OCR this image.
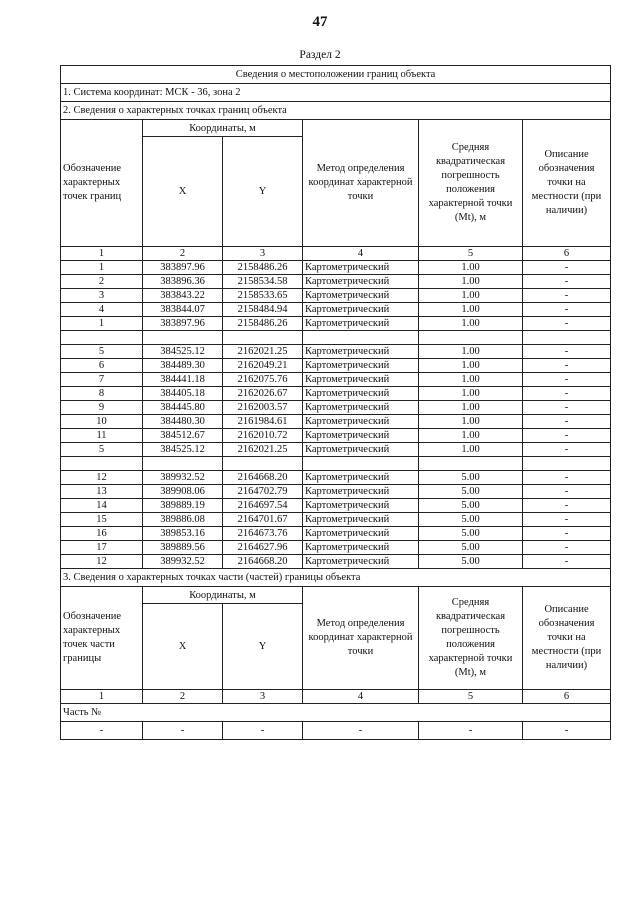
47
Раздел 2
Сведения о местоположении границ объекта					
1. Система координат: МСК - 36, зона 2					
2. Сведения о характерных точках границ объекта					
Обозначение характерных точек границ	Координаты, м		Метод определения координат характерной точки	Средняя квадратическая погрешность положения характерной точки (Mt), м	Описание обозначения точки на местности (при наличии)
	X	Y			
1	2	3	4	5	6
1	383897.96	2158486.26	Картометрический	1.00	-
2	383896.36	2158534.58	Картометрический	1.00	-
3	383843.22	2158533.65	Картометрический	1.00	-
4	383844.07	2158484.94	Картометрический	1.00	-
1	383897.96	2158486.26	Картометрический	1.00	-

5	384525.12	2162021.25	Картометрический	1.00	-
6	384489.30	2162049.21	Картометрический	1.00	-
7	384441.18	2162075.76	Картометрический	1.00	-
8	384405.18	2162026.67	Картометрический	1.00	-
9	384445.80	2162003.57	Картометрический	1.00	-
10	384480.30	2161984.61	Картометрический	1.00	-
11	384512.67	2162010.72	Картометрический	1.00	-
5	384525.12	2162021.25	Картометрический	1.00	-

12	389932.52	2164668.20	Картометрический	5.00	-
13	389908.06	2164702.79	Картометрический	5.00	-
14	389889.19	2164697.54	Картометрический	5.00	-
15	389886.08	2164701.67	Картометрический	5.00	-
16	389853.16	2164673.76	Картометрический	5.00	-
17	389889.56	2164627.96	Картометрический	5.00	-
12	389932.52	2164668.20	Картометрический	5.00	-
3. Сведения о характерных точках части (частей) границы объекта					
Обозначение характерных точек части границы	Координаты, м		Метод определения координат характерной точки	Средняя квадратическая погрешность положения характерной точки (Mt), м	Описание обозначения точки на местности (при наличии)
	X	Y			
1	2	3	4	5	6
Часть №					
-	-	-	-	-	-
